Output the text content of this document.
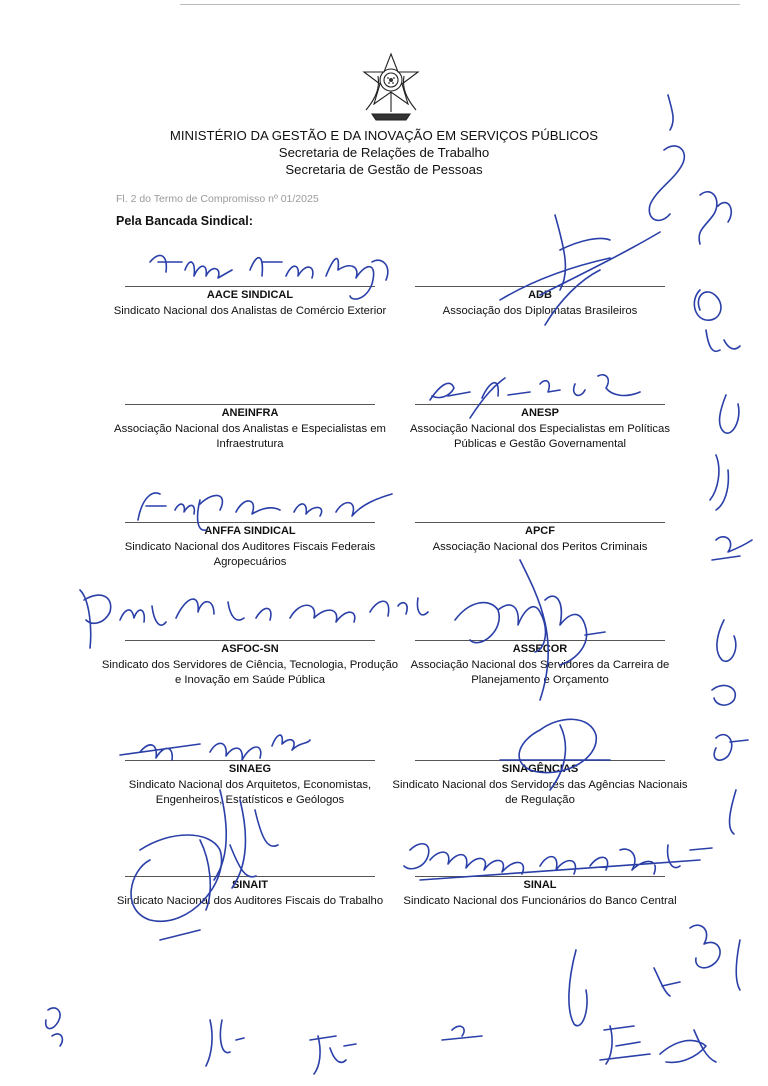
MINISTÉRIO DA GESTÃO E DA INOVAÇÃO EM SERVIÇOS PÚBLICOS
Secretaria de Relações de Trabalho
Secretaria de Gestão de Pessoas
Fl. 2 do Termo de Compromisso nº 01/2025
Pela Bancada Sindical:
AACE SINDICAL
Sindicato Nacional dos Analistas de Comércio Exterior
ADB
Associação dos Diplomatas Brasileiros
ANEINFRA
Associação Nacional dos Analistas e Especialistas em Infraestrutura
ANESP
Associação Nacional dos Especialistas em Políticas Públicas e Gestão Governamental
ANFFA SINDICAL
Sindicato Nacional dos Auditores Fiscais Federais Agropecuários
APCF
Associação Nacional dos Peritos Criminais
ASFOC-SN
Sindicato dos Servidores de Ciência, Tecnologia, Produção e Inovação em Saúde Pública
ASSECOR
Associação Nacional dos Servidores da Carreira de Planejamento e Orçamento
SINAEG
Sindicato Nacional dos Arquitetos, Economistas, Engenheiros, Estatísticos e Geólogos
SINAGÊNCIAS
Sindicato Nacional dos Servidores das Agências Nacionais de Regulação
SINAIT
Sindicato Nacional dos Auditores Fiscais do Trabalho
SINAL
Sindicato Nacional dos Funcionários do Banco Central
